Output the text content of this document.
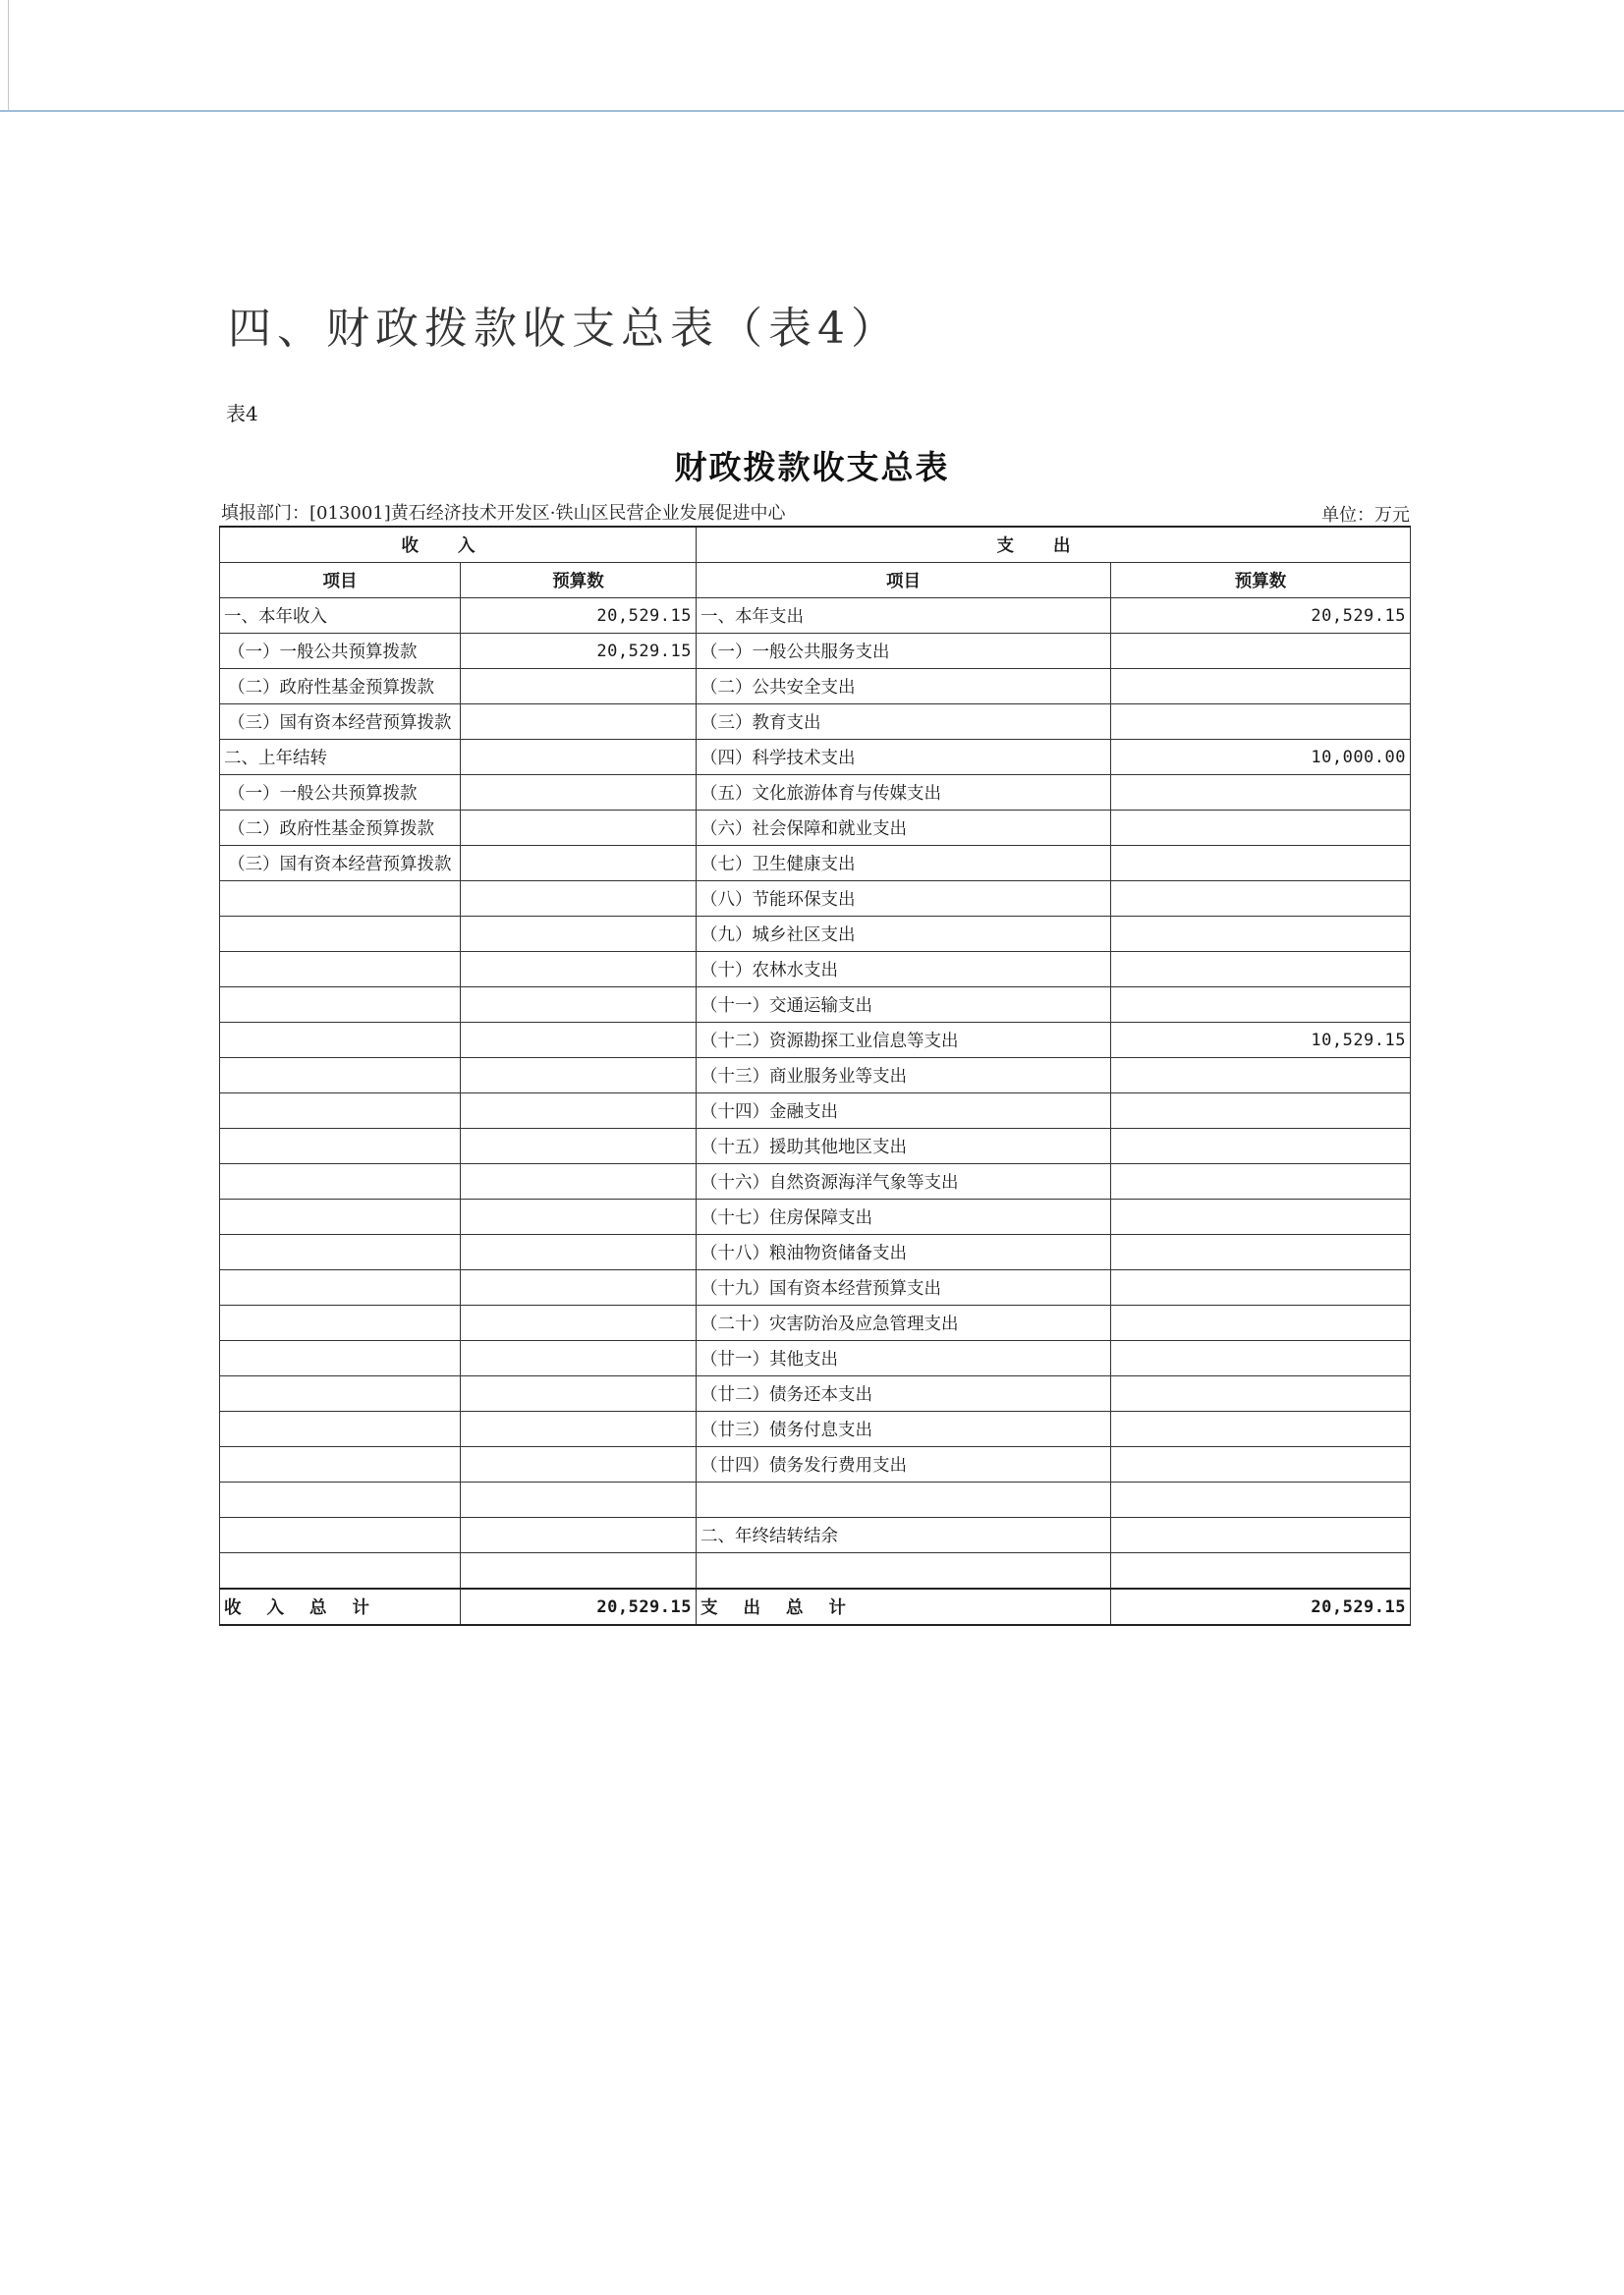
四、财政拨款收支总表（表4）
表4
财政拨款收支总表
填报部门：[013001]黄石经济技术开发区·铁山区民营企业发展促进中心	单位：万元
收入		支出	
项目	预算数	项目	预算数
一、本年收入	20,529.15	一、本年支出	20,529.15
（一）一般公共预算拨款	20,529.15	（一）一般公共服务支出	
（二）政府性基金预算拨款		（二）公共安全支出	
（三）国有资本经营预算拨款		（三）教育支出	
二、上年结转		（四）科学技术支出	10,000.00
（一）一般公共预算拨款		（五）文化旅游体育与传媒支出	
（二）政府性基金预算拨款		（六）社会保障和就业支出	
（三）国有资本经营预算拨款		（七）卫生健康支出	
		（八）节能环保支出	
		（九）城乡社区支出	
		（十）农林水支出	
		（十一）交通运输支出	
		（十二）资源勘探工业信息等支出	10,529.15
		（十三）商业服务业等支出	
		（十四）金融支出	
		（十五）援助其他地区支出	
		（十六）自然资源海洋气象等支出	
		（十七）住房保障支出	
		（十八）粮油物资储备支出	
		（十九）国有资本经营预算支出	
		（二十）灾害防治及应急管理支出	
		（廿一）其他支出	
		（廿二）债务还本支出	
		（廿三）债务付息支出	
		（廿四）债务发行费用支出	

		二、年终结转结余	

收入总计	20,529.15	支出总计	20,529.15
